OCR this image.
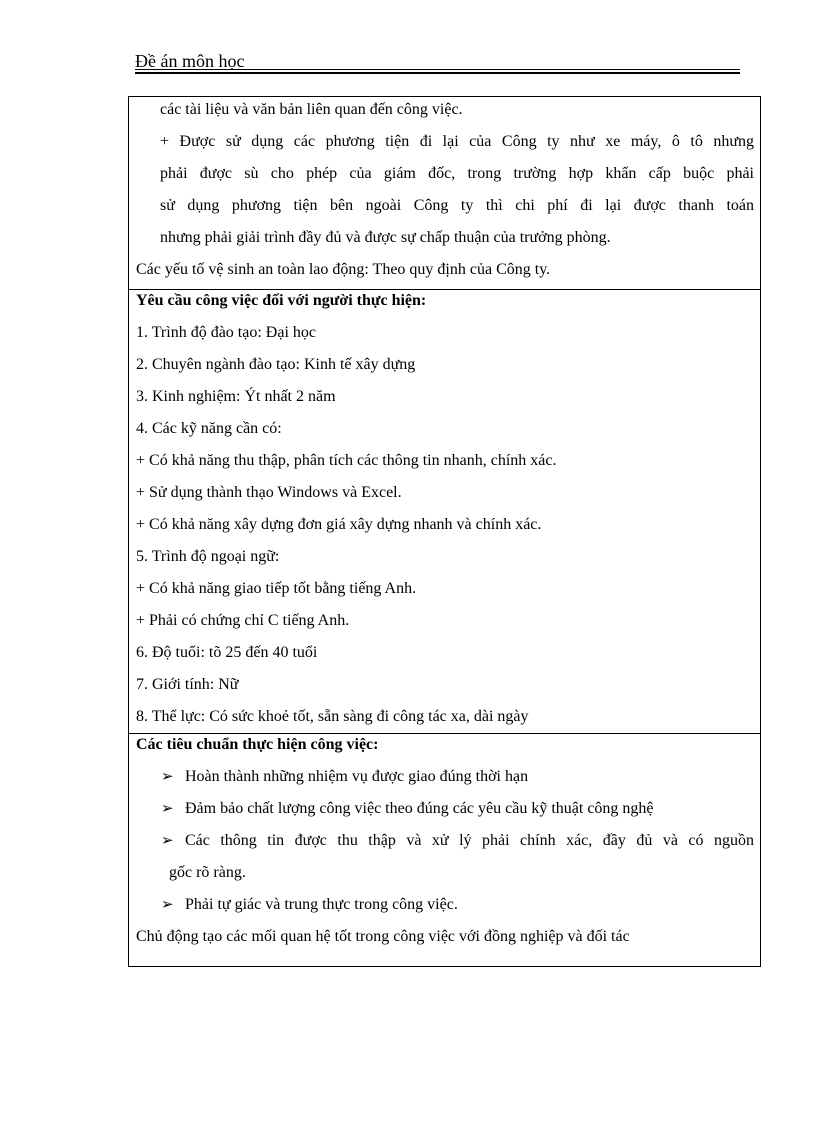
Đề án môn học
các tài liệu và văn bản liên quan đến công việc.
+ Được sử dụng các phương tiện đi lại của Công ty như xe máy, ô tô nhưng
phải được sù cho phép của giám đốc, trong trường hợp khẩn cấp buộc phải
sử dụng phương tiện bên ngoài Công ty thì chi phí đi lại được thanh toán
nhưng phải giải trình đầy đủ và được sự chấp thuận của trưởng phòng.
Các yếu tố vệ sinh an toàn lao động: Theo quy định của Công ty.
Yêu cầu công việc đối với người thực hiện:
1. Trình độ đào tạo: Đại học
2. Chuyên ngành đào tạo: Kinh tế xây dựng
3. Kinh nghiệm: Ýt nhất 2 năm
4. Các kỹ năng cần có:
+ Có khả năng thu thập, phân tích các thông tin nhanh, chính xác.
+ Sử dụng thành thạo Windows và Excel.
+ Có khả năng xây dựng đơn giá xây dựng nhanh và chính xác.
5. Trình độ ngoại ngữ:
+ Có khả năng giao tiếp tốt bằng tiếng Anh.
+ Phải có chứng chỉ C tiếng Anh.
6. Độ tuổi: tõ 25 đến 40 tuổi
7. Giới tính: Nữ
8. Thể lực: Có sức khoẻ tốt, sẵn sàng đi công tác xa, dài ngày
Các tiêu chuẩn thực hiện công việc:
➢ Hoàn thành những nhiệm vụ được giao đúng thời hạn
➢ Đảm bảo chất lượng công việc theo đúng các yêu cầu kỹ thuật công nghệ
➢ Các thông tin được thu thập và xử lý phải chính xác, đầy đủ và có nguồn
gốc rõ ràng.
➢ Phải tự giác và trung thực trong công việc.
Chủ động tạo các mối quan hệ tốt trong công việc với đồng nghiệp và đối tác
